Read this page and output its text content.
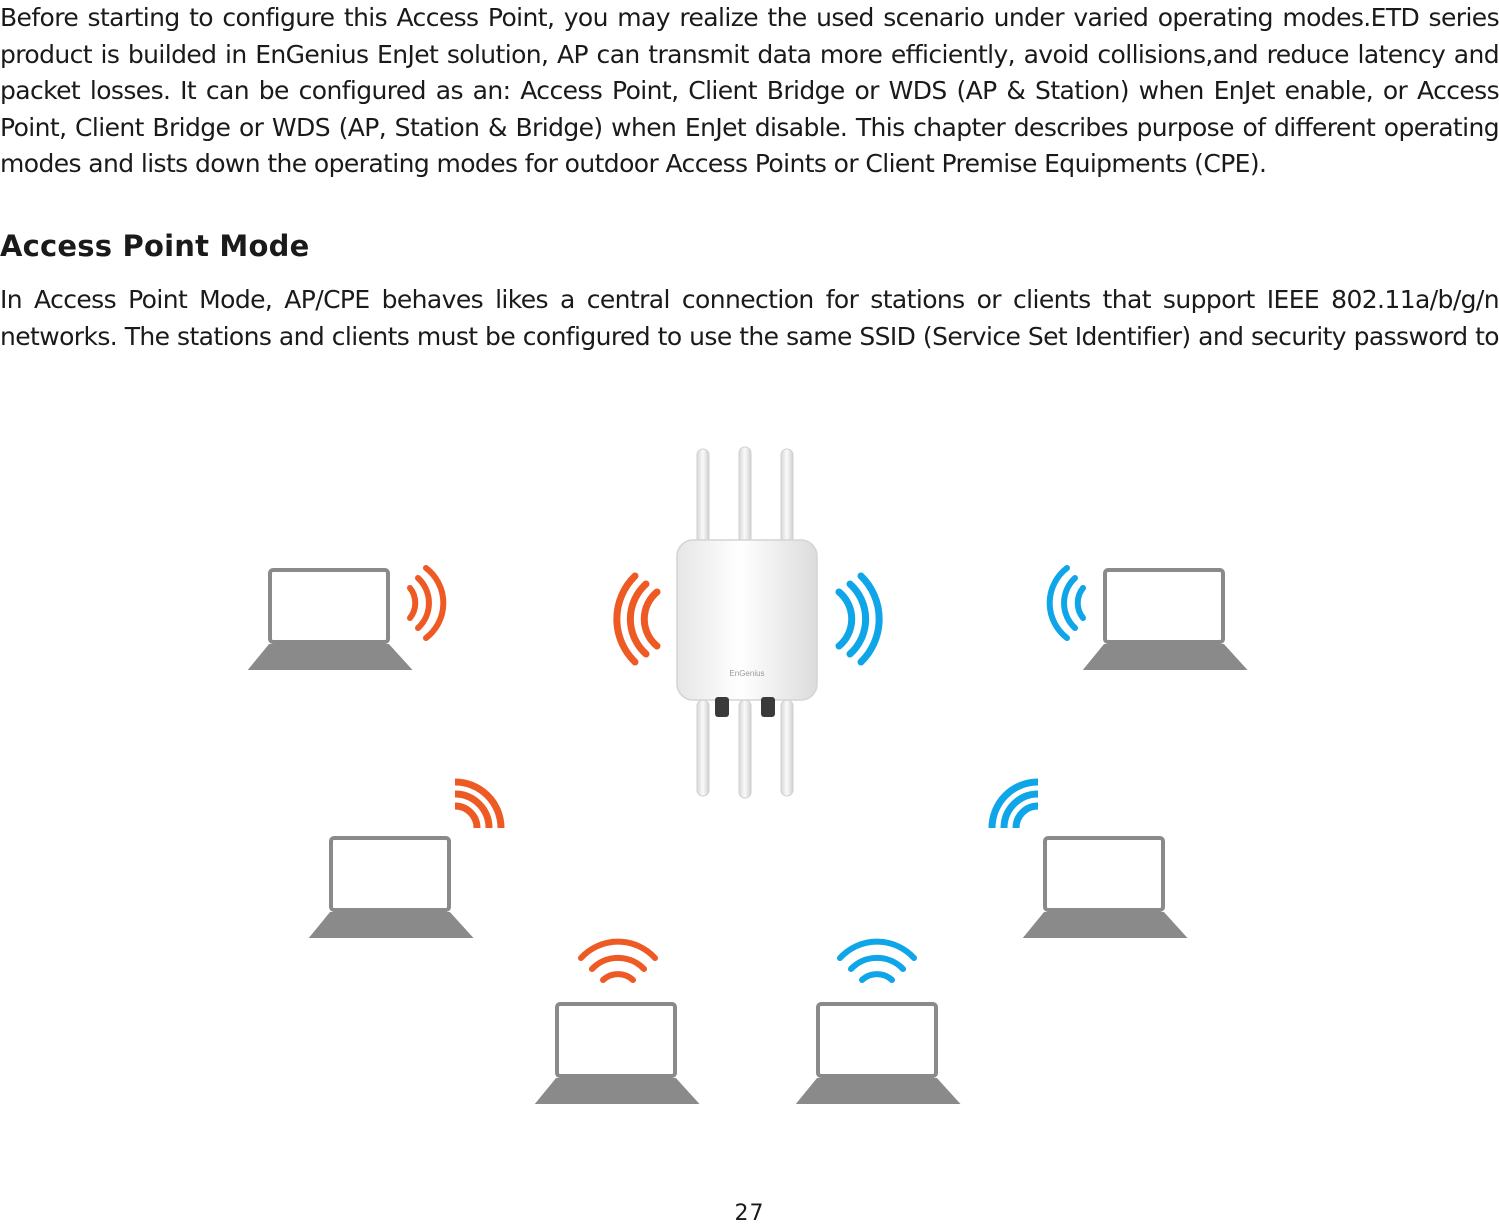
Before starting to configure this Access Point, you may realize the used scenario under varied operating modes.ETD series product is builded in EnGenius EnJet solution, AP can transmit data more efficiently, avoid collisions,and reduce latency and packet losses. It can be configured as an: Access Point, Client Bridge or WDS (AP & Station) when EnJet enable, or Access Point, Client Bridge or WDS (AP, Station & Bridge) when EnJet disable. This chapter describes purpose of different operating modes and lists down the operating modes for outdoor Access Points or Client Premise Equipments (CPE).

Access Point Mode

In Access Point Mode, AP/CPE behaves likes a central connection for stations or clients that support IEEE 802.11a/b/g/n networks. The stations and clients must be configured to use the same SSID (Service Set Identifier) and security password to

EnGenius
27
